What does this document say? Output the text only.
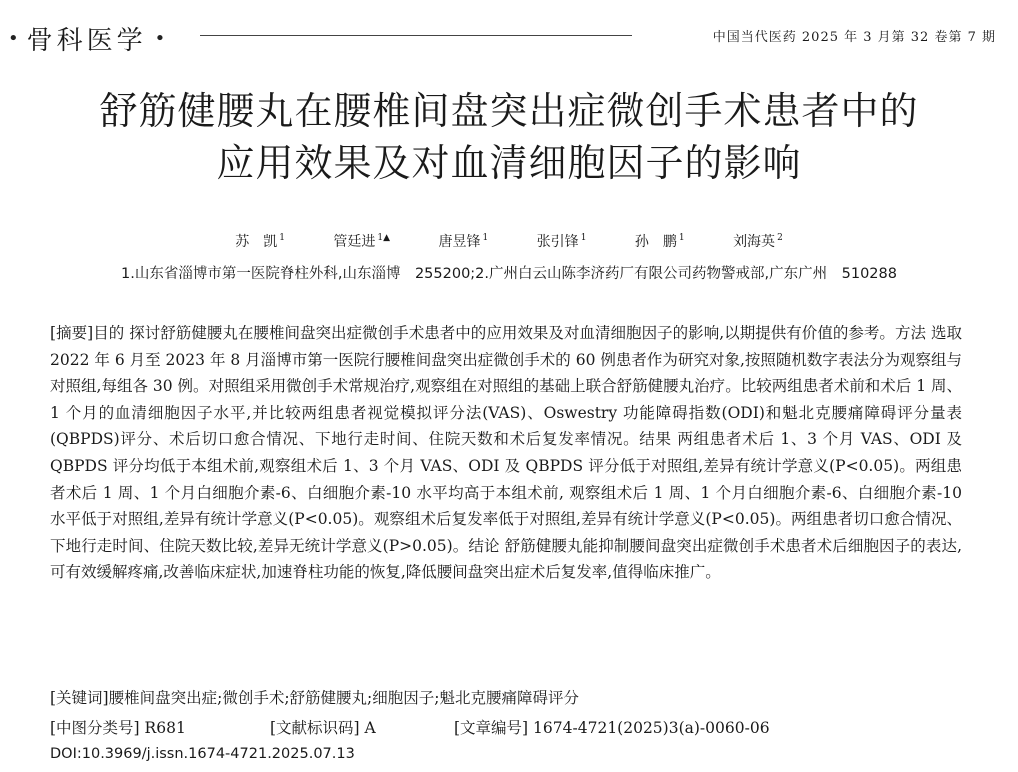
• 骨科医学 •	中国当代医药 2025 年 3 月第 32 卷第 7 期
舒筋健腰丸在腰椎间盘突出症微创手术患者中的
应用效果及对血清细胞因子的影响
苏　凯 $^1$	管廷进 $^{1▲}$	唐昱锋 $^1$	张引锋 $^1$	孙　鹏 $^1$	刘海英 $^2$
1.山东省淄博市第一医院脊柱外科,山东淄博　255200;2.广州白云山陈李济药厂有限公司药物警戒部,广东广州　510288
[摘要]目的 探讨舒筋健腰丸在腰椎间盘突出症微创手术患者中的应用效果及对血清细胞因子的影响,以期提供有价值的参考。方法 选取 2022 年 6 月至 2023 年 8 月淄博市第一医院行腰椎间盘突出症微创手术的 60 例患者作为研究对象,按照随机数字表法分为观察组与对照组,每组各 30 例。对照组采用微创手术常规治疗,观察组在对照组的基础上联合舒筋健腰丸治疗。比较两组患者术前和术后 1 周、1 个月的血清细胞因子水平,并比较两组患者视觉模拟评分法(VAS)、Oswestry 功能障碍指数(ODI)和魁北克腰痛障碍评分量表(QBPDS)评分、术后切口愈合情况、下地行走时间、住院天数和术后复发率情况。结果 两组患者术后 1、3 个月 VAS、ODI 及 QBPDS 评分均低于本组术前,观察组术后 1、3 个月 VAS、ODI 及 QBPDS 评分低于对照组,差异有统计学意义(P<0.05)。两组患者术后 1 周、1 个月白细胞介素-6、白细胞介素-10 水平均高于本组术前, 观察组术后 1 周、1 个月白细胞介素-6、白细胞介素-10 水平低于对照组,差异有统计学意义(P<0.05)。观察组术后复发率低于对照组,差异有统计学意义(P<0.05)。两组患者切口愈合情况、下地行走时间、住院天数比较,差异无统计学意义(P>0.05)。结论 舒筋健腰丸能抑制腰间盘突出症微创手术患者术后细胞因子的表达,可有效缓解疼痛,改善临床症状,加速脊柱功能的恢复,降低腰间盘突出症术后复发率,值得临床推广。
[关键词]腰椎间盘突出症;微创手术;舒筋健腰丸;细胞因子;魁北克腰痛障碍评分
[中图分类号] R681	[文献标识码] A	[文章编号] 1674-4721(2025)3(a)-0060-06
DOI:10.3969/j.issn.1674-4721.2025.07.13
